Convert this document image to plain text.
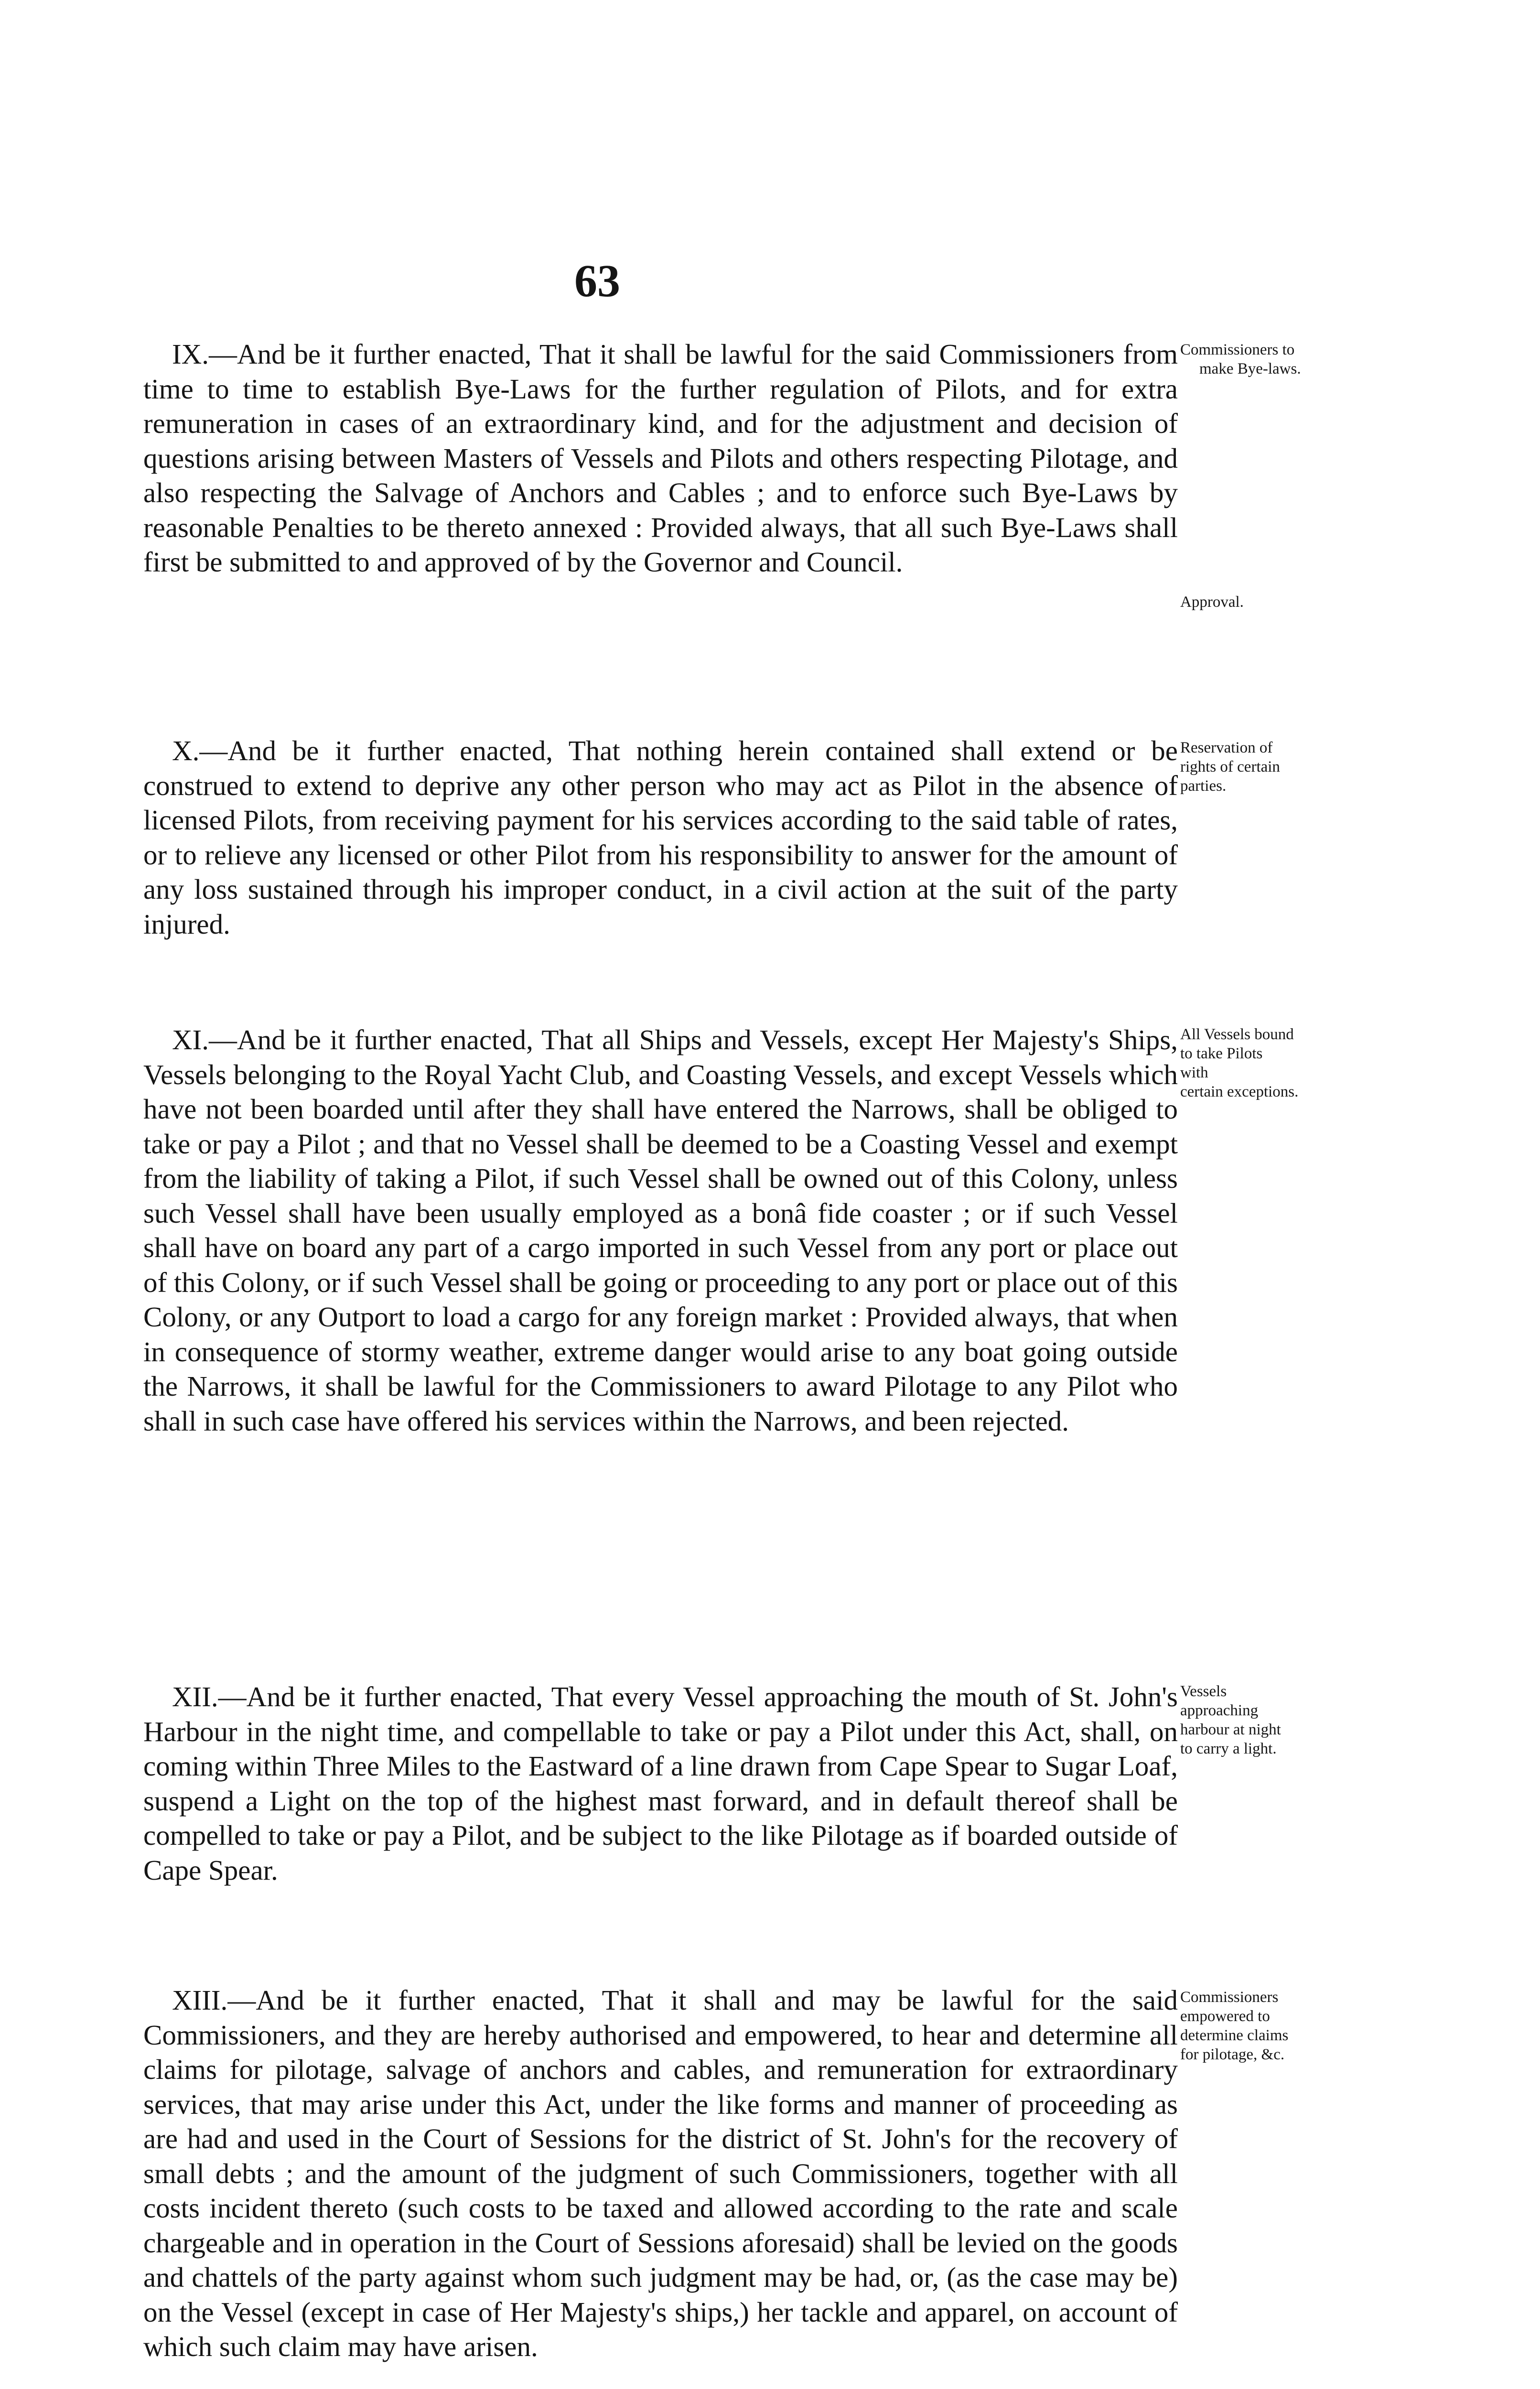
63

IX.—And be it further enacted, That it shall be lawful for the said Commissioners from time to time to establish Bye-Laws for the further regulation of Pilots, and for extra remuneration in cases of an extraordinary kind, and for the adjustment and decision of questions arising between Masters of Vessels and Pilots and others respecting Pilotage, and also respecting the Salvage of Anchors and Cables ; and to enforce such Bye-Laws by reasonable Penalties to be thereto annexed : Provided always, that all such Bye-Laws shall first be submitted to and approved of by the Governor and Council.

Commissioners to
make Bye-laws.
Approval.

X.—And be it further enacted, That nothing herein contained shall extend or be construed to extend to deprive any other person who may act as Pilot in the absence of licensed Pilots, from receiving payment for his services according to the said table of rates, or to relieve any licensed or other Pilot from his responsibility to answer for the amount of any loss sustained through his improper conduct, in a civil action at the suit of the party injured.

Reservation of
rights of certain
parties.

XI.—And be it further enacted, That all Ships and Vessels, except Her Majesty's Ships, Vessels belonging to the Royal Yacht Club, and Coasting Vessels, and except Vessels which have not been boarded until after they shall have entered the Narrows, shall be obliged to take or pay a Pilot ; and that no Vessel shall be deemed to be a Coasting Vessel and exempt from the liability of taking a Pilot, if such Vessel shall be owned out of this Colony, unless such Vessel shall have been usually employed as a bonâ fide coaster ; or if such Vessel shall have on board any part of a cargo imported in such Vessel from any port or place out of this Colony, or if such Vessel shall be going or proceeding to any port or place out of this Colony, or any Outport to load a cargo for any foreign market : Provided always, that when in consequence of stormy weather, extreme danger would arise to any boat going outside the Narrows, it shall be lawful for the Commissioners to award Pilotage to any Pilot who shall in such case have offered his services within the Narrows, and been rejected.

All Vessels bound
to take Pilots
with
certain exceptions.

XII.—And be it further enacted, That every Vessel approaching the mouth of St. John's Harbour in the night time, and compellable to take or pay a Pilot under this Act, shall, on coming within Three Miles to the Eastward of a line drawn from Cape Spear to Sugar Loaf, suspend a Light on the top of the highest mast forward, and in default thereof shall be compelled to take or pay a Pilot, and be subject to the like Pilotage as if boarded outside of Cape Spear.

Vessels
approaching
harbour at night
to carry a light.

XIII.—And be it further enacted, That it shall and may be lawful for the said Commissioners, and they are hereby authorised and empowered, to hear and determine all claims for pilotage, salvage of anchors and cables, and remuneration for extraordinary services, that may arise under this Act, under the like forms and manner of proceeding as are had and used in the Court of Sessions for the district of St. John's for the recovery of small debts ; and the amount of the judgment of such Commissioners, together with all costs incident thereto (such costs to be taxed and allowed according to the rate and scale chargeable and in operation in the Court of Sessions aforesaid) shall be levied on the goods and chattels of the party against whom such judgment may be had, or, (as the case may be) on the Vessel (except in case of Her Majesty's ships,) her tackle and apparel, on account of which such claim may have arisen.

Commissioners
empowered to
determine claims
for pilotage, &c.
